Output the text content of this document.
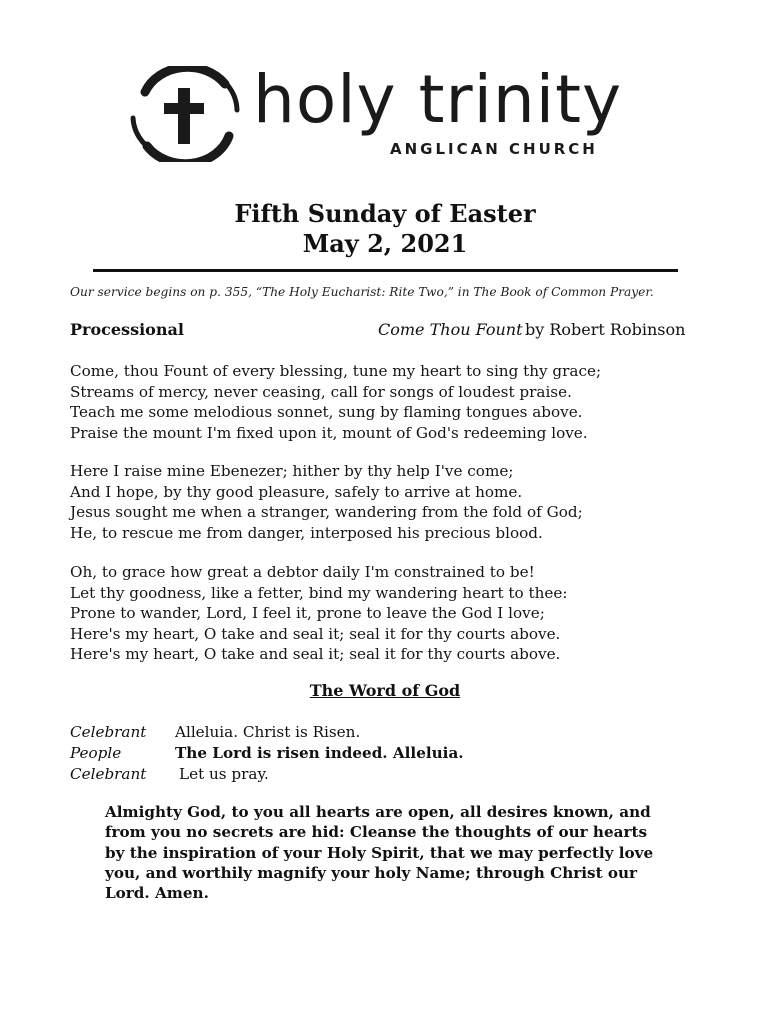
holy trinity
ANGLICAN CHURCH
Fifth Sunday of Easter
May 2, 2021
Our service begins on p. 355, “The Holy Eucharist: Rite Two,” in The Book of Common Prayer.
Processional	Come Thou Fount by Robert Robinson
Come, thou Fount of every blessing, tune my heart to sing thy grace;
Streams of mercy, never ceasing, call for songs of loudest praise.
Teach me some melodious sonnet, sung by flaming tongues above.
Praise the mount I'm fixed upon it, mount of God's redeeming love.
Here I raise mine Ebenezer; hither by thy help I've come;
And I hope, by thy good pleasure, safely to arrive at home.
Jesus sought me when a stranger, wandering from the fold of God;
He, to rescue me from danger, interposed his precious blood.
Oh, to grace how great a debtor daily I'm constrained to be!
Let thy goodness, like a fetter, bind my wandering heart to thee:
Prone to wander, Lord, I feel it, prone to leave the God I love;
Here's my heart, O take and seal it; seal it for thy courts above.
Here's my heart, O take and seal it; seal it for thy courts above.
The Word of God
Celebrant Alleluia. Christ is Risen.
People	The Lord is risen indeed. Alleluia.
Celebrant Let us pray.
Almighty God, to you all hearts are open, all desires known, and
from you no secrets are hid: Cleanse the thoughts of our hearts
by the inspiration of your Holy Spirit, that we may perfectly love
you, and worthily magnify your holy Name; through Christ our
Lord. Amen.
